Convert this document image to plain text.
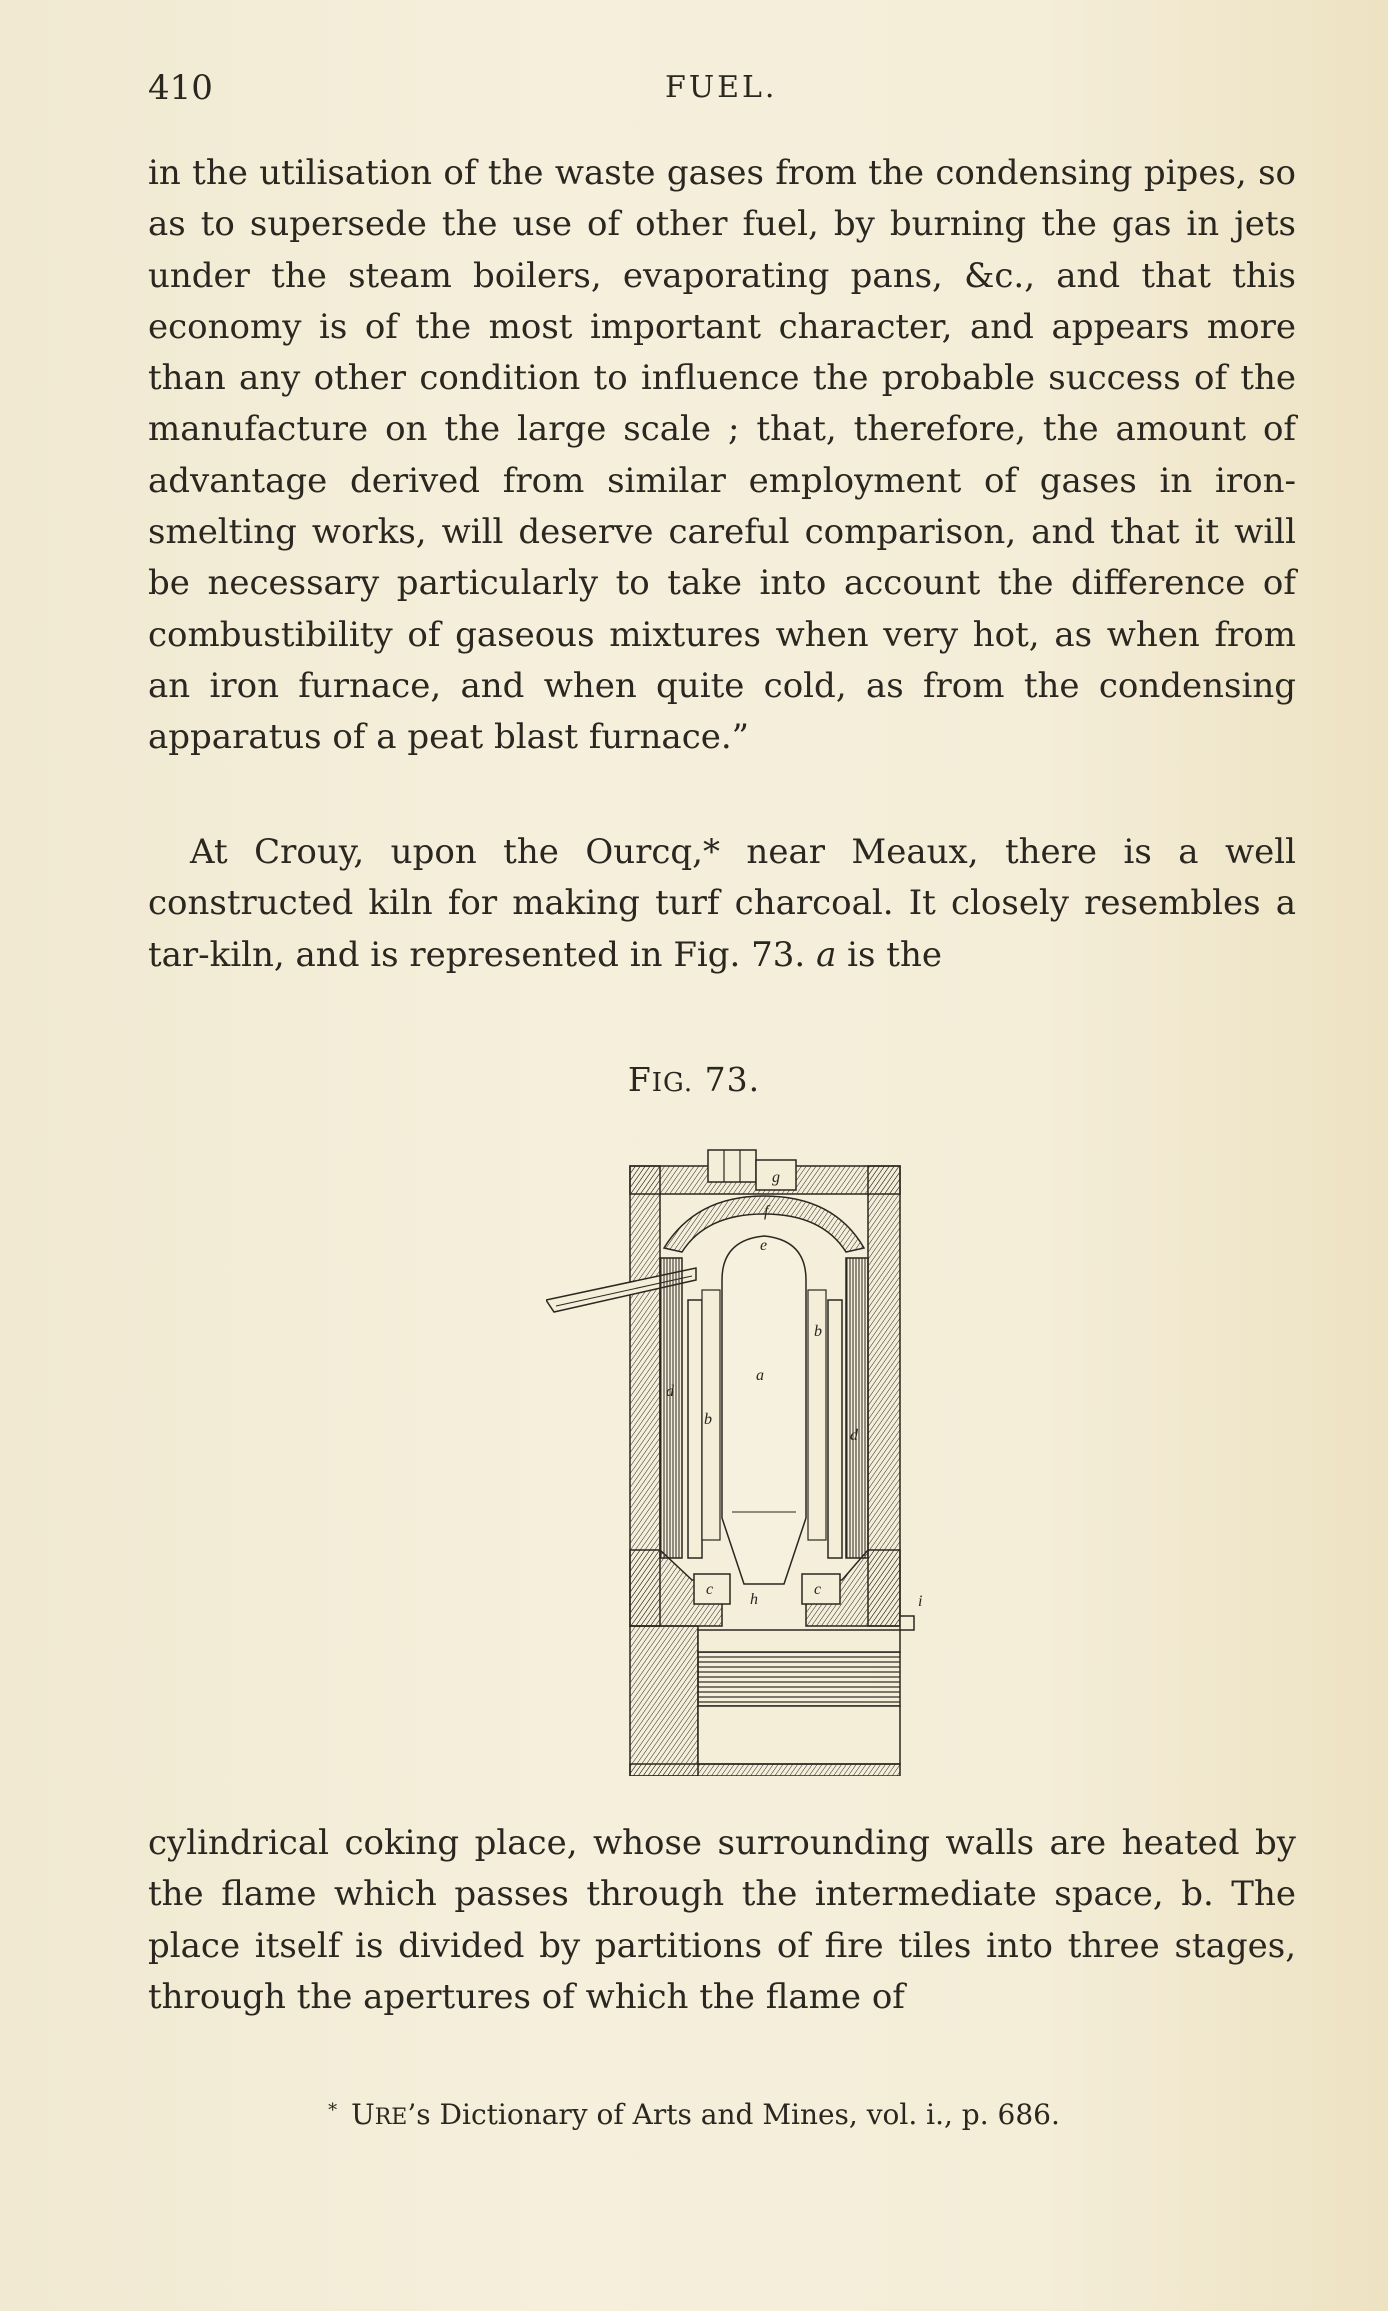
410	FUEL.

in the utilisation of the waste gases from the condensing pipes, so as to supersede the use of other fuel, by burning the gas in jets under the steam boilers, evaporating pans, &c., and that this economy is of the most important character, and appears more than any other condition to influence the probable success of the manufacture on the large scale ; that, therefore, the amount of advantage derived from similar employment of gases in iron-smelting works, will deserve careful comparison, and that it will be necessary particularly to take into account the difference of combustibility of gaseous mixtures when very hot, as when from an iron furnace, and when quite cold, as from the condensing apparatus of a peat blast furnace.”

At Crouy, upon the Ourcq,* near Meaux, there is a well constructed kiln for making turf charcoal. It closely resembles a tar-kiln, and is represented in Fig. 73. a is the

FIG. 73.
a
b
b
c	c
d
d
e
f
g
h	i

cylindrical coking place, whose surrounding walls are heated by the flame which passes through the intermediate space, b. The place itself is divided by partitions of fire tiles into three stages, through the apertures of which the flame of

* URE’s Dictionary of Arts and Mines, vol. i., p. 686.
